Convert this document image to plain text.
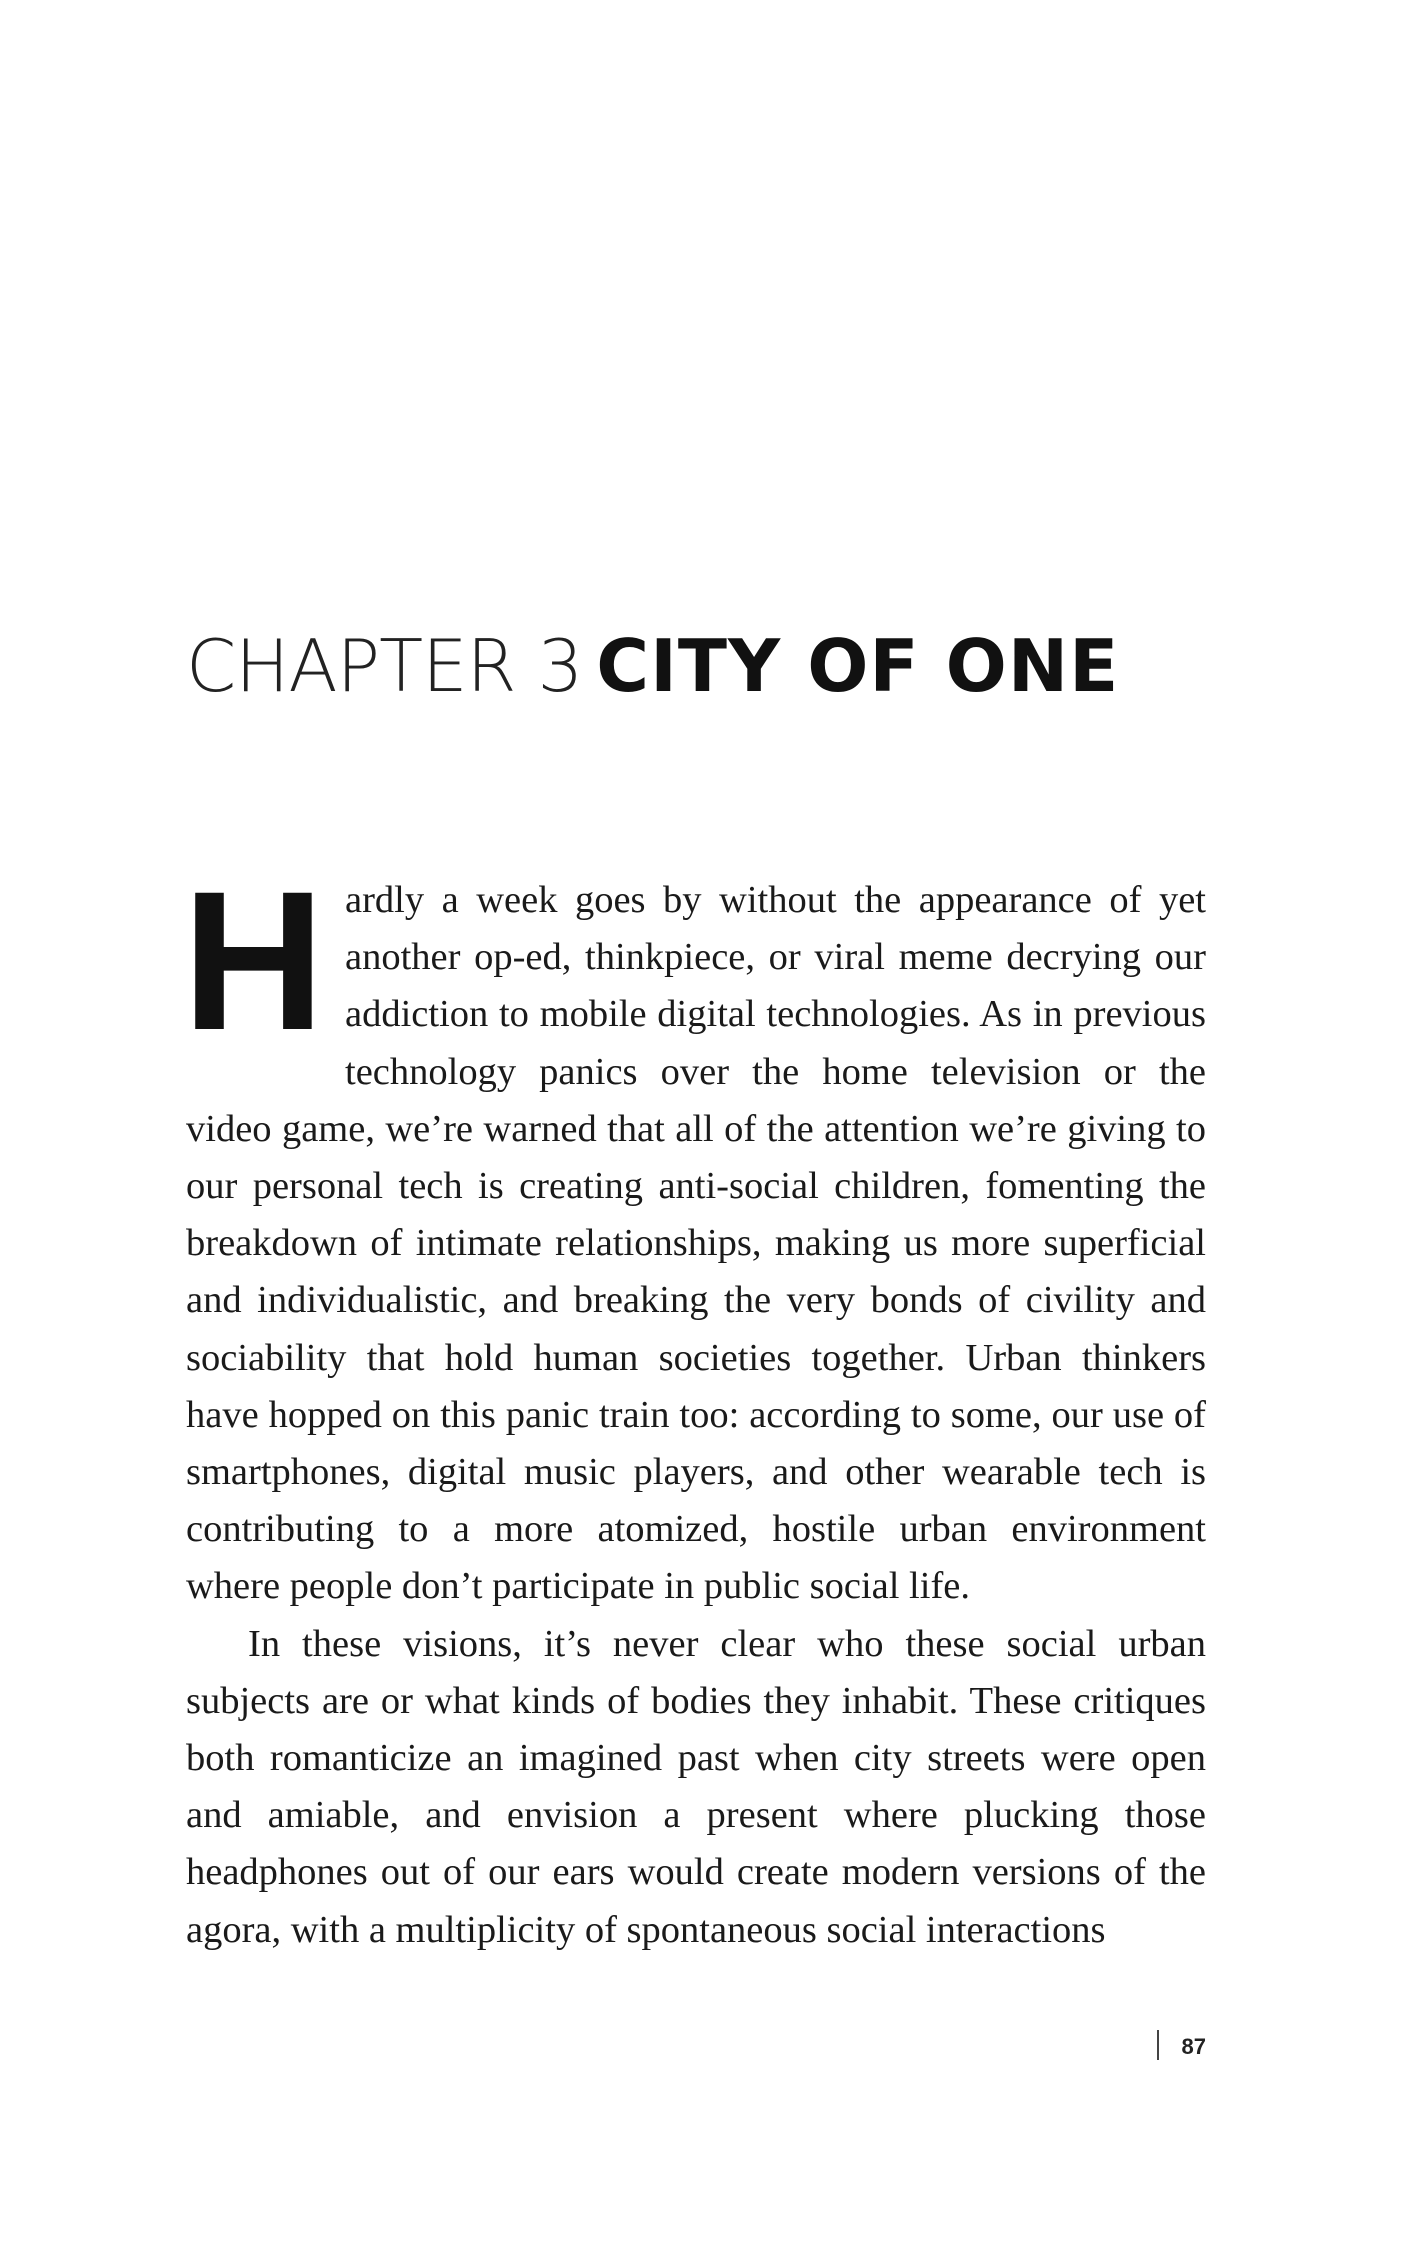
CHAPTER 3 CITY OF ONE

Hardly a week goes by without the appearance of yet another op-ed, thinkpiece, or viral meme decrying our addiction to mobile digital technologies. As in previous technology panics over the home television or the video game, we’re warned that all of the attention we’re giving to our personal tech is creating anti-social children, fomenting the breakdown of intimate relationships, making us more superficial and individualistic, and breaking the very bonds of civility and sociability that hold human societies together. Urban thinkers have hopped on this panic train too: according to some, our use of smartphones, digital music players, and other wearable tech is contributing to a more atomized, hostile urban environment where people don’t participate in public social life.

In these visions, it’s never clear who these social urban subjects are or what kinds of bodies they inhabit. These critiques both romanticize an imagined past when city streets were open and amiable, and envision a present where plucking those headphones out of our ears would create modern versions of the agora, with a multiplicity of spontaneous social interactions

87
